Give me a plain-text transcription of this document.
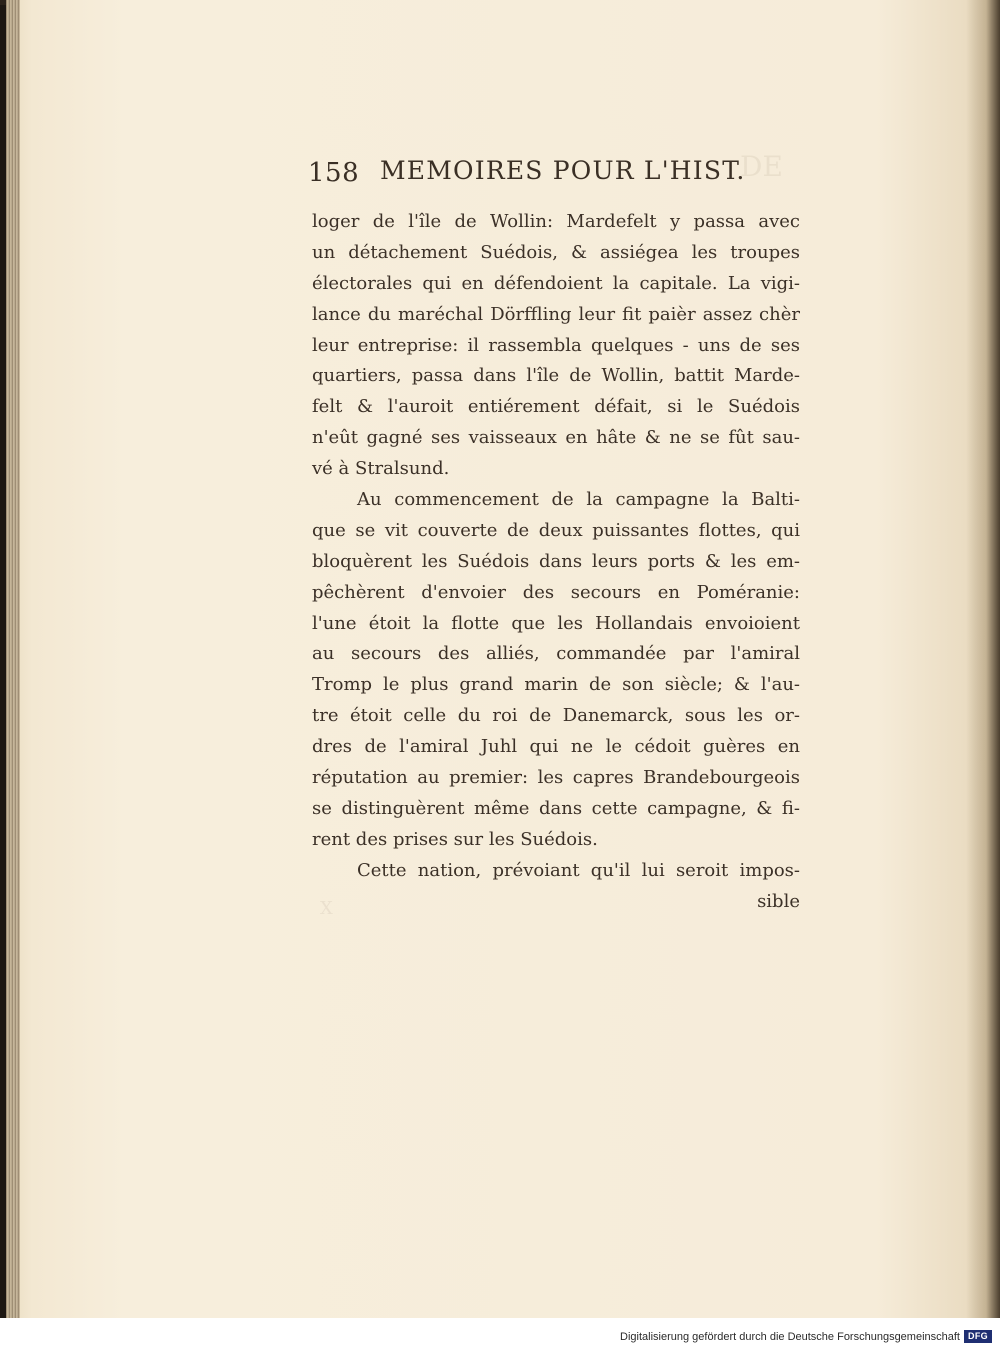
DE
X
158 MEMOIRES POUR L'HIST.
loger de l'île de Wollin: Mardefelt y passa avec
un détachement Suédois, & assiégea les troupes
électorales qui en défendoient la capitale. La vigi-
lance du maréchal Dörffling leur fit paièr assez chèr
leur entreprise: il rassembla quelques - uns de ses
quartiers, passa dans l'île de Wollin, battit Marde-
felt & l'auroit entiérement défait, si le Suédois
n'eût gagné ses vaisseaux en hâte & ne se fût sau-
vé à Stralsund.
Au commencement de la campagne la Balti-
que se vit couverte de deux puissantes flottes, qui
bloquèrent les Suédois dans leurs ports & les em-
pêchèrent d'envoier des secours en Poméranie:
l'une étoit la flotte que les Hollandais envoioient
au secours des alliés, commandée par l'amiral
Tromp le plus grand marin de son siècle; & l'au-
tre étoit celle du roi de Danemarck, sous les or-
dres de l'amiral Juhl qui ne le cédoit guères en
réputation au premier: les capres Brandebourgeois
se distinguèrent même dans cette campagne, & fi-
rent des prises sur les Suédois.
Cette nation, prévoiant qu'il lui seroit impos-
sible
Digitalisierung gefördert durch die Deutsche Forschungsgemeinschaft DFG
